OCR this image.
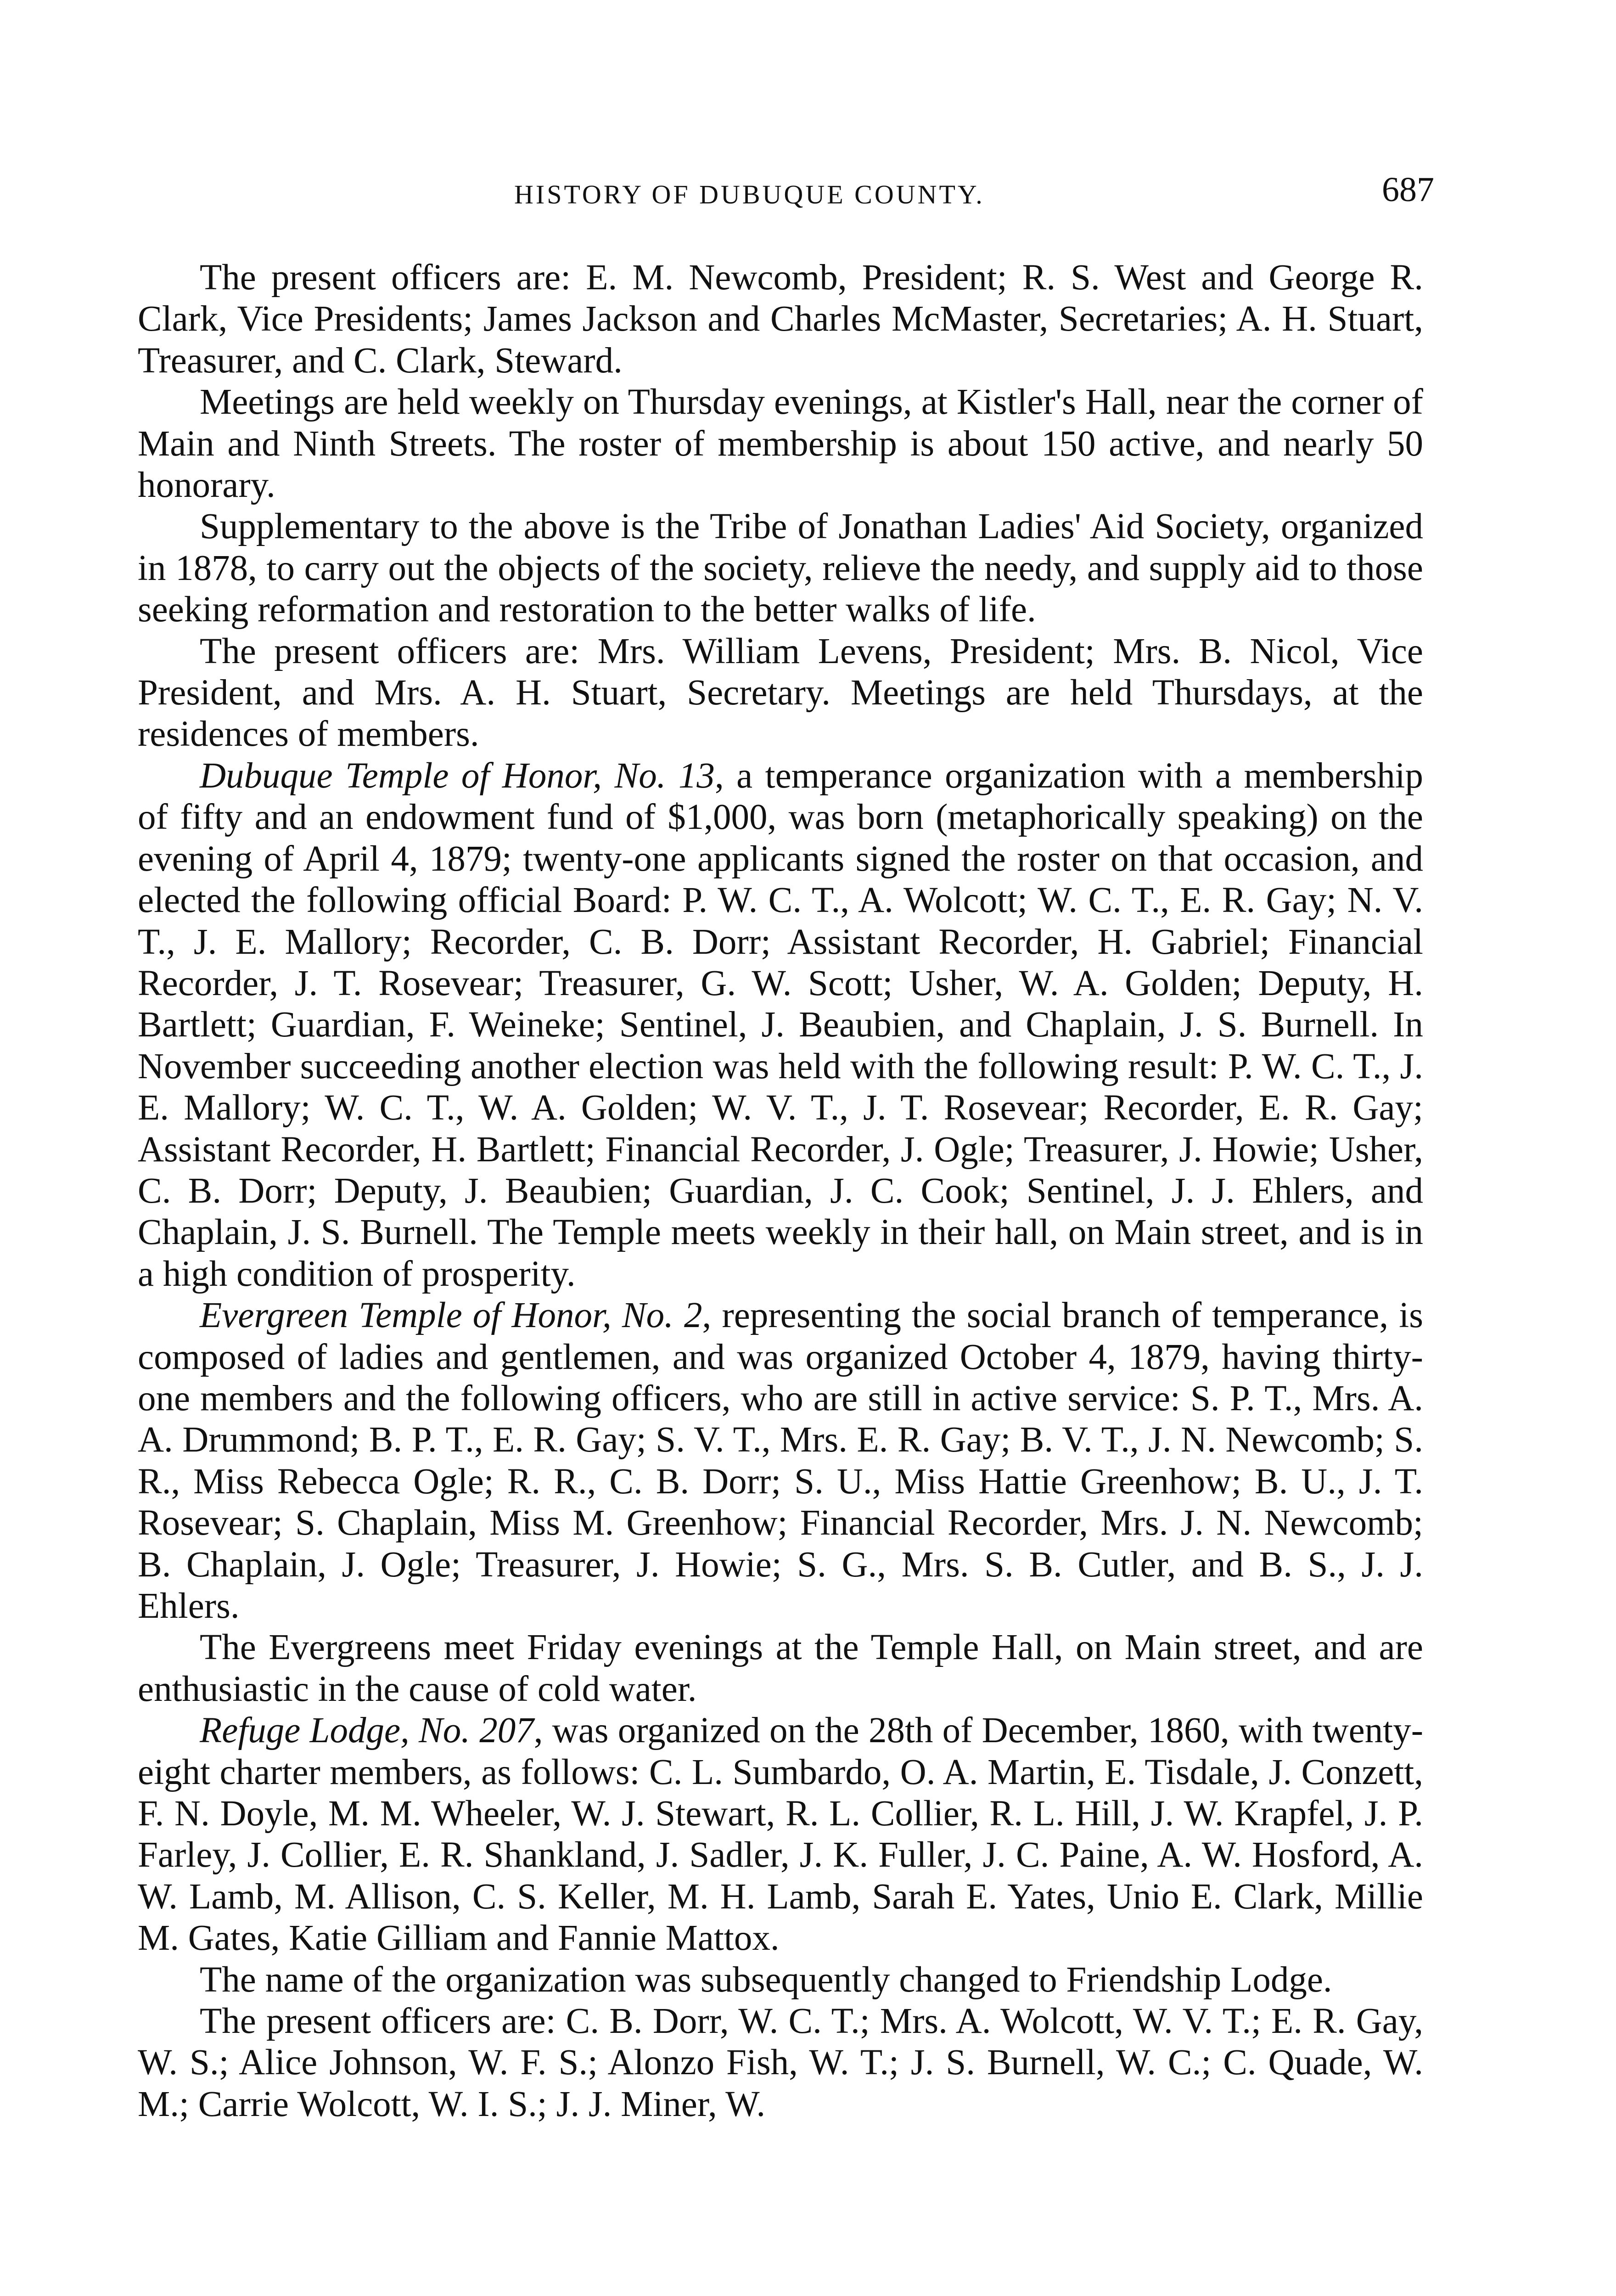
HISTORY OF DUBUQUE COUNTY.	687

The present officers are: E. M. Newcomb, President; R. S. West and George R. Clark, Vice Presidents; James Jackson and Charles McMaster, Secretaries; A. H. Stuart, Treasurer, and C. Clark, Steward.

Meetings are held weekly on Thursday evenings, at Kistler's Hall, near the corner of Main and Ninth Streets. The roster of membership is about 150 active, and nearly 50 honorary.

Supplementary to the above is the Tribe of Jonathan Ladies' Aid Society, organized in 1878, to carry out the objects of the society, relieve the needy, and supply aid to those seeking reformation and restoration to the better walks of life.

The present officers are: Mrs. William Levens, President; Mrs. B. Nicol, Vice President, and Mrs. A. H. Stuart, Secretary. Meetings are held Thursdays, at the residences of members.

Dubuque Temple of Honor, No. 13, a temperance organization with a membership of fifty and an endowment fund of $1,000, was born (metaphorically speaking) on the evening of April 4, 1879; twenty-one applicants signed the roster on that occasion, and elected the following official Board: P. W. C. T., A. Wolcott; W. C. T., E. R. Gay; N. V. T., J. E. Mallory; Recorder, C. B. Dorr; Assistant Recorder, H. Gabriel; Financial Recorder, J. T. Rosevear; Treasurer, G. W. Scott; Usher, W. A. Golden; Deputy, H. Bartlett; Guardian, F. Weineke; Sentinel, J. Beaubien, and Chaplain, J. S. Burnell. In November succeeding another election was held with the following result: P. W. C. T., J. E. Mallory; W. C. T., W. A. Golden; W. V. T., J. T. Rosevear; Recorder, E. R. Gay; Assistant Recorder, H. Bartlett; Financial Recorder, J. Ogle; Treasurer, J. Howie; Usher, C. B. Dorr; Deputy, J. Beaubien; Guardian, J. C. Cook; Sentinel, J. J. Ehlers, and Chaplain, J. S. Burnell. The Temple meets weekly in their hall, on Main street, and is in a high condition of prosperity.

Evergreen Temple of Honor, No. 2, representing the social branch of temperance, is composed of ladies and gentlemen, and was organized October 4, 1879, having thirty-one members and the following officers, who are still in active service: S. P. T., Mrs. A. A. Drummond; B. P. T., E. R. Gay; S. V. T., Mrs. E. R. Gay; B. V. T., J. N. Newcomb; S. R., Miss Rebecca Ogle; R. R., C. B. Dorr; S. U., Miss Hattie Greenhow; B. U., J. T. Rosevear; S. Chaplain, Miss M. Greenhow; Financial Recorder, Mrs. J. N. Newcomb; B. Chaplain, J. Ogle; Treasurer, J. Howie; S. G., Mrs. S. B. Cutler, and B. S., J. J. Ehlers.

The Evergreens meet Friday evenings at the Temple Hall, on Main street, and are enthusiastic in the cause of cold water.

Refuge Lodge, No. 207, was organized on the 28th of December, 1860, with twenty-eight charter members, as follows: C. L. Sumbardo, O. A. Martin, E. Tisdale, J. Conzett, F. N. Doyle, M. M. Wheeler, W. J. Stewart, R. L. Collier, R. L. Hill, J. W. Krapfel, J. P. Farley, J. Collier, E. R. Shankland, J. Sadler, J. K. Fuller, J. C. Paine, A. W. Hosford, A. W. Lamb, M. Allison, C. S. Keller, M. H. Lamb, Sarah E. Yates, Unio E. Clark, Millie M. Gates, Katie Gilliam and Fannie Mattox.

The name of the organization was subsequently changed to Friendship Lodge.

The present officers are: C. B. Dorr, W. C. T.; Mrs. A. Wolcott, W. V. T.; E. R. Gay, W. S.; Alice Johnson, W. F. S.; Alonzo Fish, W. T.; J. S. Burnell, W. C.; C. Quade, W. M.; Carrie Wolcott, W. I. S.; J. J. Miner, W.
